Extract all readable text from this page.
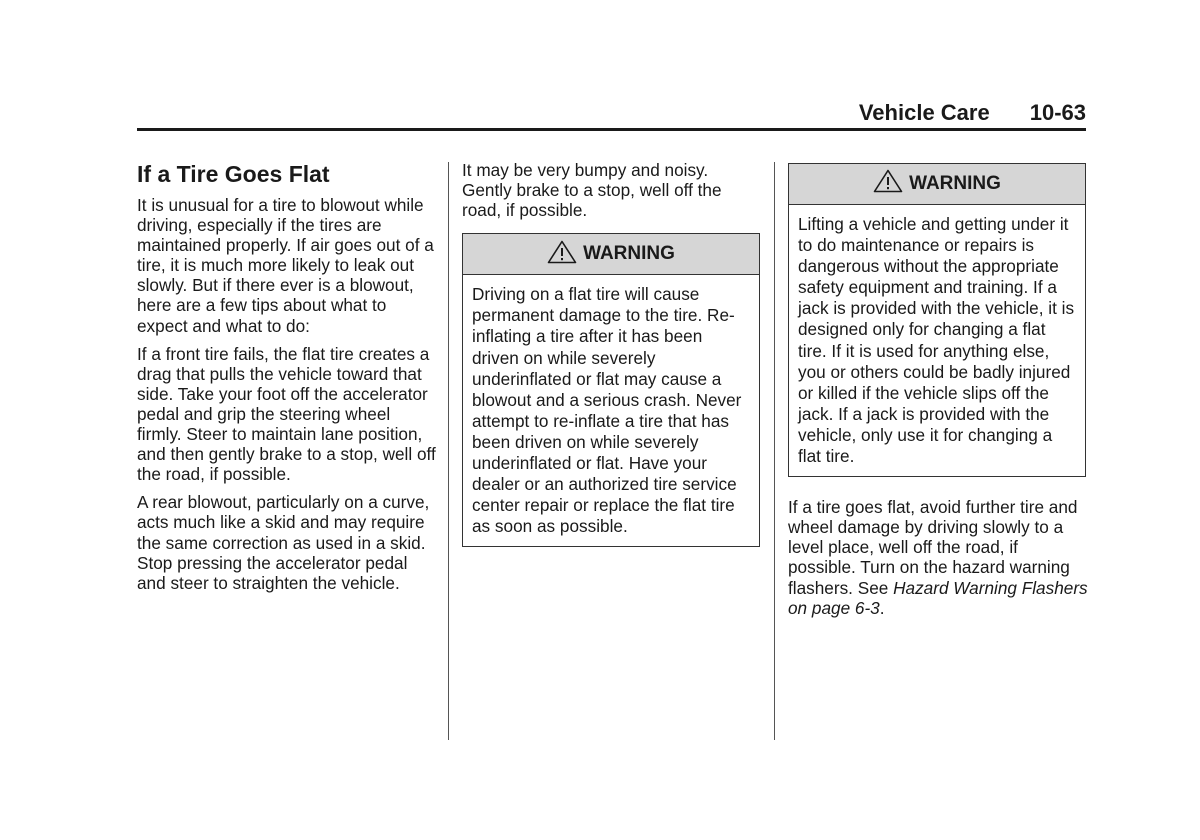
Vehicle Care 10-63
If a Tire Goes Flat

It is unusual for a tire to blowout while driving, especially if the tires are maintained properly. If air goes out of a tire, it is much more likely to leak out slowly. But if there ever is a blowout, here are a few tips about what to expect and what to do:

If a front tire fails, the flat tire creates a drag that pulls the vehicle toward that side. Take your foot off the accelerator pedal and grip the steering wheel firmly. Steer to maintain lane position, and then gently brake to a stop, well off the road, if possible.

A rear blowout, particularly on a curve, acts much like a skid and may require the same correction as used in a skid. Stop pressing the accelerator pedal and steer to straighten the vehicle.

It may be very bumpy and noisy. Gently brake to a stop, well off the road, if possible.

WARNING
Driving on a flat tire will cause permanent damage to the tire. Re-inflating a tire after it has been driven on while severely underinflated or flat may cause a blowout and a serious crash. Never attempt to re-inflate a tire that has been driven on while severely underinflated or flat. Have your dealer or an authorized tire service center repair or replace the flat tire as soon as possible.
WARNING
Lifting a vehicle and getting under it to do maintenance or repairs is dangerous without the appropriate safety equipment and training. If a jack is provided with the vehicle, it is designed only for changing a flat tire. If it is used for anything else, you or others could be badly injured or killed if the vehicle slips off the jack. If a jack is provided with the vehicle, only use it for changing a flat tire.

If a tire goes flat, avoid further tire and wheel damage by driving slowly to a level place, well off the road, if possible. Turn on the hazard warning flashers. See Hazard Warning Flashers on page 6-3.
